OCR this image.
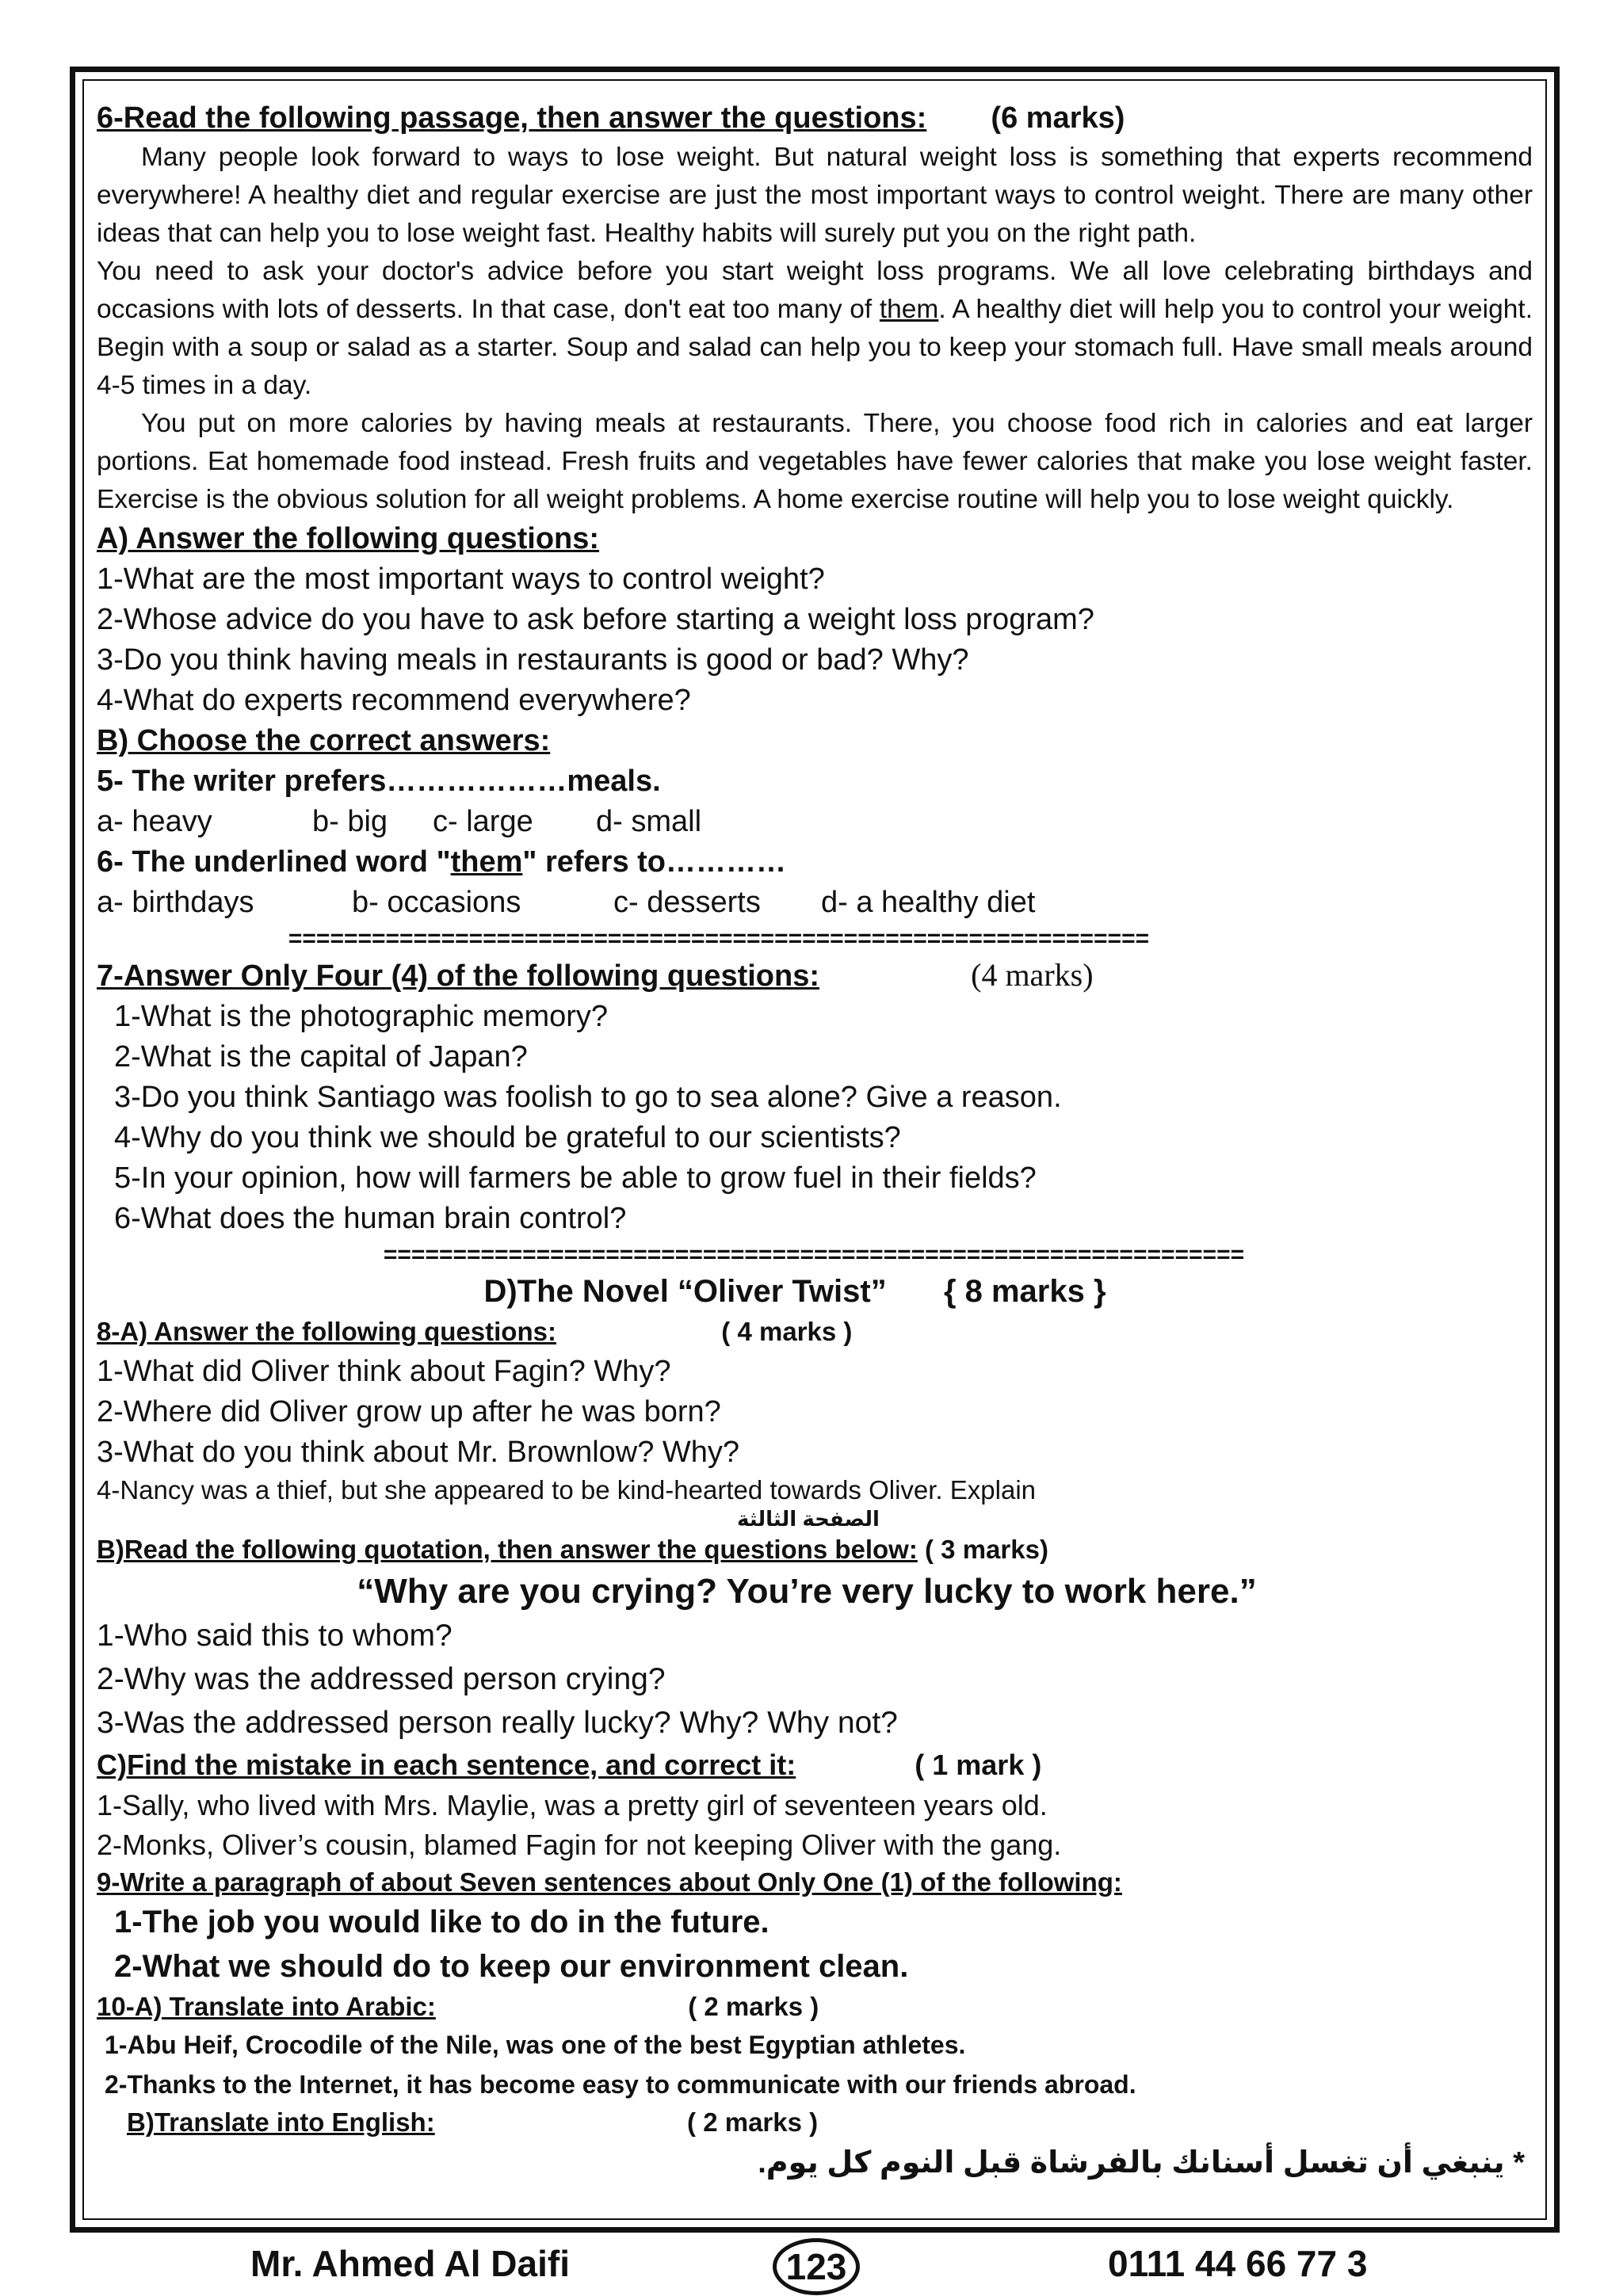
6-Read the following passage, then answer the questions: (6 marks)

Many people look forward to ways to lose weight. But natural weight loss is something that experts recommend everywhere! A healthy diet and regular exercise are just the most important ways to control weight. There are many other ideas that can help you to lose weight fast. Healthy habits will surely put you on the right path.

You need to ask your doctor's advice before you start weight loss programs. We all love celebrating birthdays and occasions with lots of desserts. In that case, don't eat too many of them. A healthy diet will help you to control your weight. Begin with a soup or salad as a starter. Soup and salad can help you to keep your stomach full. Have small meals around 4-5 times in a day.

You put on more calories by having meals at restaurants. There, you choose food rich in calories and eat larger portions. Eat homemade food instead. Fresh fruits and vegetables have fewer calories that make you lose weight faster. Exercise is the obvious solution for all weight problems. A home exercise routine will help you to lose weight quickly.

A) Answer the following questions:
1-What are the most important ways to control weight?
2-Whose advice do you have to ask before starting a weight loss program?
3-Do you think having meals in restaurants is good or bad? Why?
4-What do experts recommend everywhere?
B) Choose the correct answers:
5- The writer prefers………………meals.
a- heavy	b- big	c- large	d- small
6- The underlined word "them" refers to…………
a- birthdays	b- occasions	c- desserts	d- a healthy diet
==============================================================
7-Answer Only Four (4) of the following questions:	(4 marks)
1-What is the photographic memory?
2-What is the capital of Japan?
3-Do you think Santiago was foolish to go to sea alone? Give a reason.
4-Why do you think we should be grateful to our scientists?
5-In your opinion, how will farmers be able to grow fuel in their fields?
6-What does the human brain control?
==============================================================
D)The Novel “Oliver Twist” { 8 marks }
8-A) Answer the following questions:	( 4 marks )
1-What did Oliver think about Fagin? Why?
2-Where did Oliver grow up after he was born?
3-What do you think about Mr. Brownlow? Why?
4-Nancy was a thief, but she appeared to be kind-hearted towards Oliver. Explain
الصفحة الثالثة
B)Read the following quotation, then answer the questions below: ( 3 marks)
“Why are you crying? You’re very lucky to work here.”
1-Who said this to whom?
2-Why was the addressed person crying?
3-Was the addressed person really lucky? Why? Why not?
C)Find the mistake in each sentence, and correct it:	( 1 mark )
1-Sally, who lived with Mrs. Maylie, was a pretty girl of seventeen years old.
2-Monks, Oliver’s cousin, blamed Fagin for not keeping Oliver with the gang.
9-Write a paragraph of about Seven sentences about Only One (1) of the following:
1-The job you would like to do in the future.
2-What we should do to keep our environment clean.
10-A) Translate into Arabic:	( 2 marks )
1-Abu Heif, Crocodile of the Nile, was one of the best Egyptian athletes.
2-Thanks to the Internet, it has become easy to communicate with our friends abroad.
B)Translate into English:	( 2 marks )
* ينبغي أن تغسل أسنانك بالفرشاة قبل النوم كل يوم.
Mr. Ahmed Al Daifi	123	0111 44 66 77 3
